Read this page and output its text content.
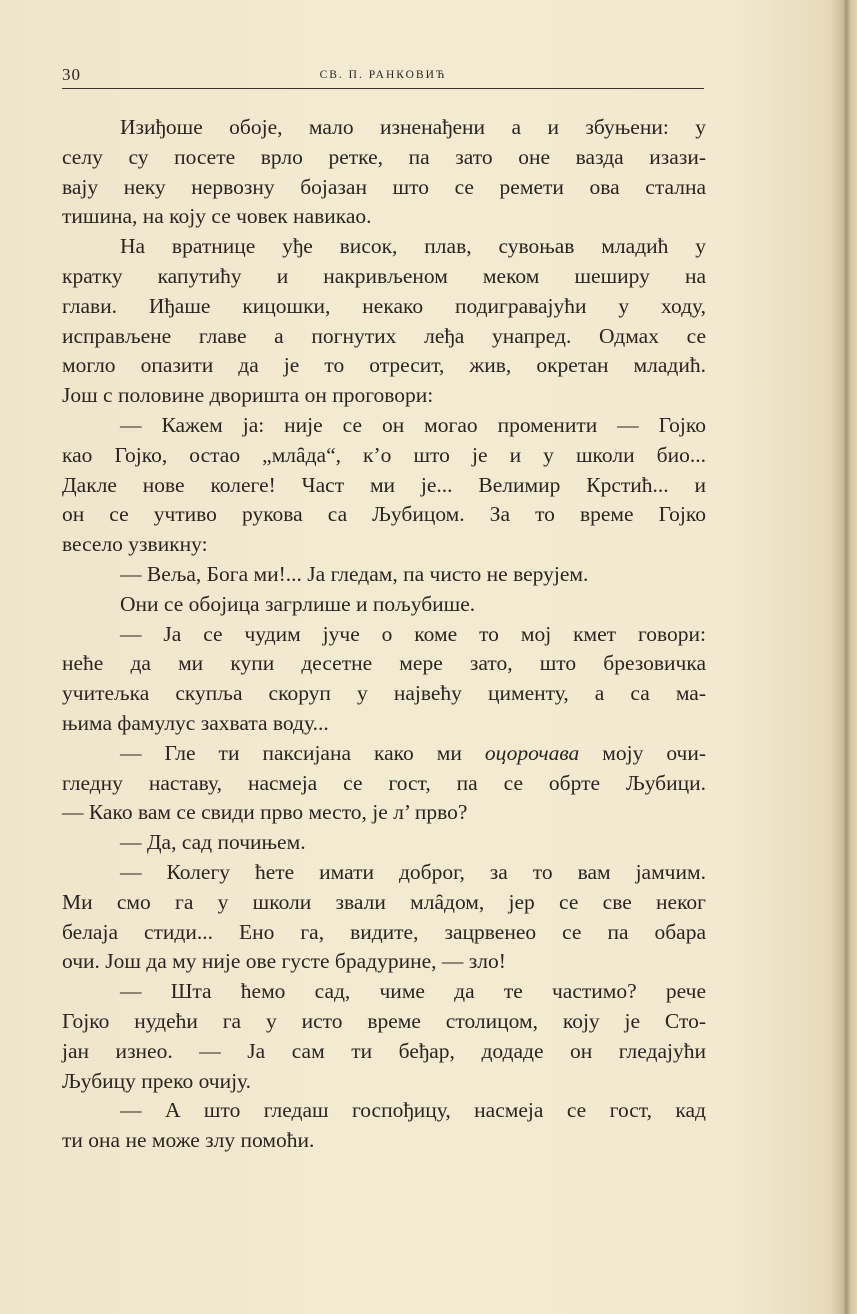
30	СВ. П. РАНКОВИЋ
Изиђоше обоје, мало изненађени а и збуњени: у
селу су посете врло ретке, па зато оне вазда изази-
вају неку нервозну бојазан што се ремети ова стална
тишина, на коју се човек навикао.
На вратнице уђе висок, плав, сувоњав младић у
кратку капутићу и накривљеном меком шеширу на
глави. Иђаше кицошки, некако подигравајући у ходу,
исправљене главе а погнутих леђа унапред. Одмах се
могло опазити да је то отресит, жив, окретан младић.
Још с половине дворишта он проговори:
— Кажем ја: није се он могао променити — Гојко
као Гојко, остао „млȃда“, к’о што је и у школи био...
Дакле нове колеге! Част ми је... Велимир Крстић... и
он се учтиво рукова са Љубицом. За то време Гојко
весело узвикну:
— Вељa, Бога ми!... Ја гледам, па чисто не верујем.
Они се обојица загрлише и пољубише.
— Ја се чудим јуче о коме то мој кмет говори:
неће да ми купи десетне мере зато, што брезовичка
учитељка скупља скоруп у највећу цименту, а са ма-
њима фамулус захвата воду...
— Гле ти паксијана како ми оцорочава моју очи-
гледну наставу, насмеја се гост, па се обрте Љубици.
— Како вам се свиди прво место, је л’ прво?
— Да, сад почињем.
— Колегу ћете имати доброг, за то вам јамчим.
Ми смо га у школи звали млȃдом, јер се све неког
белаја стиди... Ено га, видите, зацрвенео се па обара
очи. Још да му није ове густе брадурине, — зло!
— Шта ћемо сад, чиме да те частимо? рече
Гојко нудећи га у исто време столицом, коју је Сто-
јан изнео. — Ја сам ти беђар, додаде он гледајући
Љубицу преко очију.
— А што гледаш госпођицу, насмеја се гост, кад
ти она не може злу помоћи.
